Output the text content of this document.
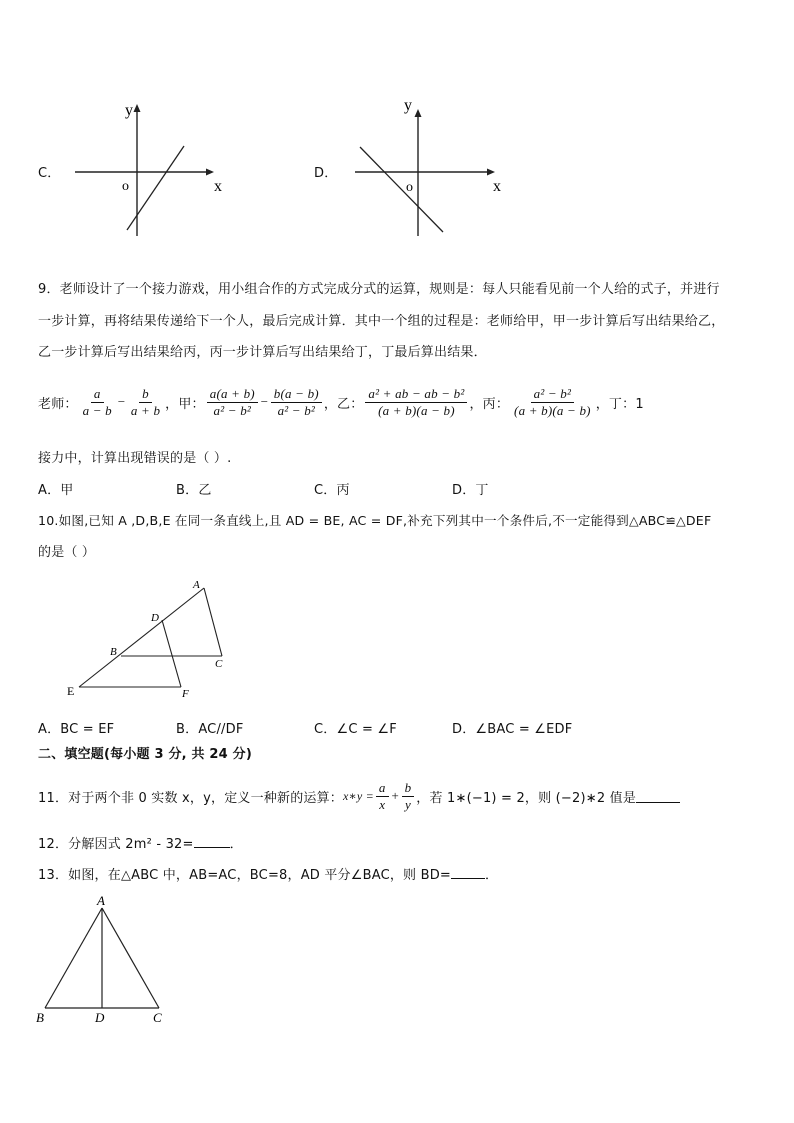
C．
y
x
o
D．
y
x
o
9．老师设计了一个接力游戏，用小组合作的方式完成分式的运算，规则是：每人只能看见前一个人给的式子，并进行
一步计算，再将结果传递给下一个人，最后完成计算．其中一个组的过程是：老师给甲，甲一步计算后写出结果给乙，
乙一步计算后写出结果给丙，丙一步计算后写出结果给丁，丁最后算出结果．
老师： $\frac{a}{a - b} - \frac{b}{a + b}$ ，甲： $\frac{a(a + b)}{\text{a² − b²}} - \frac{b(a - b)}{\text{a² − b²}}$ ，乙： $\frac{\text{a² + ab − ab − b²}}{(a + b)(a - b)}$ ，丙： $\frac{\text{a² − b²}}{(a + b)(a - b)}$ ，丁：1
接力中，计算出现错误的是（ ）.
A．甲	B．乙	C．丙	D．丁
10.如图,已知 A ,D,B,E 在同一条直线上,且 AD = BE, AC = DF,补充下列其中一个条件后,不一定能得到△ABC≌△DEF
的是（ ）
A
D
B
C
E	F
A．BC = EF	B．AC//DF	C．∠C = ∠F	D．∠BAC = ∠EDF
二、填空题(每小题 3 分, 共 24 分)
11．对于两个非 0 实数 x，y，定义一种新的运算： x∗y = $\frac{a}{x} + \frac{b}{y}$ ，若 1∗(−1) = 2，则 (−2)∗2 值是
12．分解因式 2m² - 32=	．
13．如图，在△ABC 中，AB=AC，BC=8，AD 平分∠BAC，则 BD=	．
A
B	D	C
